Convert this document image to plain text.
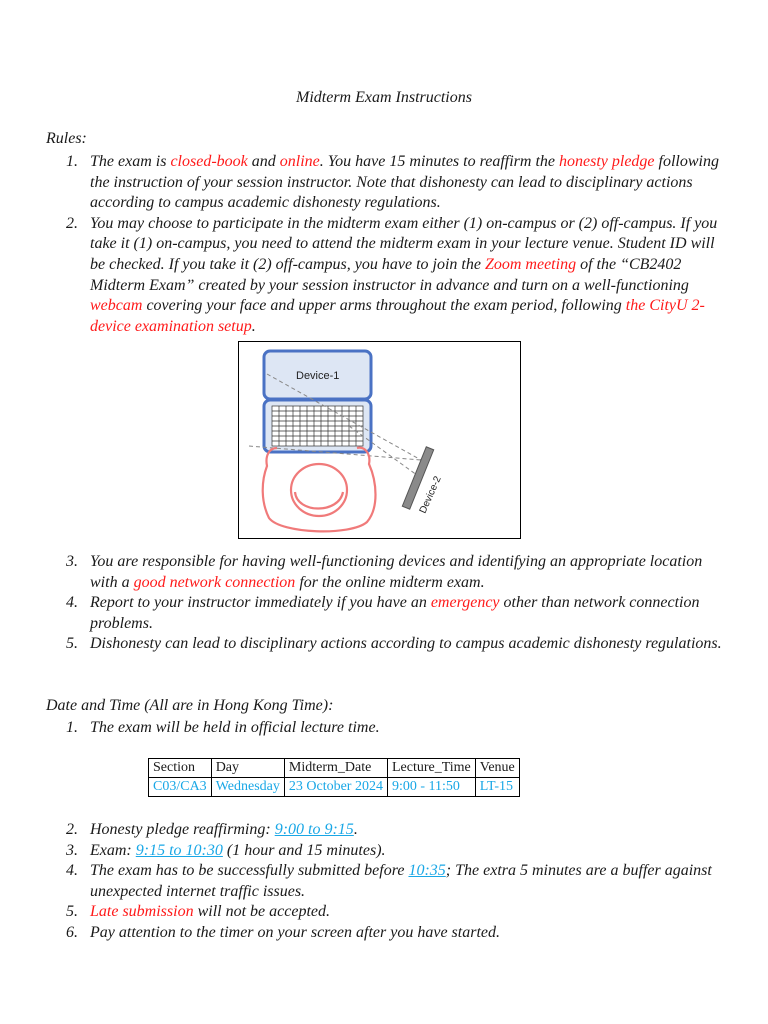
Midterm Exam Instructions
Rules:
1. The exam is closed-book and online. You have 15 minutes to reaffirm the honesty pledge following the instruction of your session instructor. Note that dishonesty can lead to disciplinary actions according to campus academic dishonesty regulations.
2. You may choose to participate in the midterm exam either (1) on-campus or (2) off-campus. If you take it (1) on-campus, you need to attend the midterm exam in your lecture venue. Student ID will be checked. If you take it (2) off-campus, you have to join the Zoom meeting of the “CB2402 Midterm Exam” created by your session instructor in advance and turn on a well-functioning webcam covering your face and upper arms throughout the exam period, following the CityU 2-device examination setup.
Device-1
Device-2
3. You are responsible for having well-functioning devices and identifying an appropriate location with a good network connection for the online midterm exam.
4. Report to your instructor immediately if you have an emergency other than network connection problems.
5. Dishonesty can lead to disciplinary actions according to campus academic dishonesty regulations.
Date and Time (All are in Hong Kong Time):
1. The exam will be held in official lecture time.
Section	Day	Midterm_Date	Lecture_Time	Venue
C03/CA3	Wednesday	23 October 2024	9:00 - 11:50	LT-15
2. Honesty pledge reaffirming: 9:00 to 9:15.
3. Exam: 9:15 to 10:30 (1 hour and 15 minutes).
4. The exam has to be successfully submitted before 10:35; The extra 5 minutes are a buffer against unexpected internet traffic issues.
5. Late submission will not be accepted.
6. Pay attention to the timer on your screen after you have started.
